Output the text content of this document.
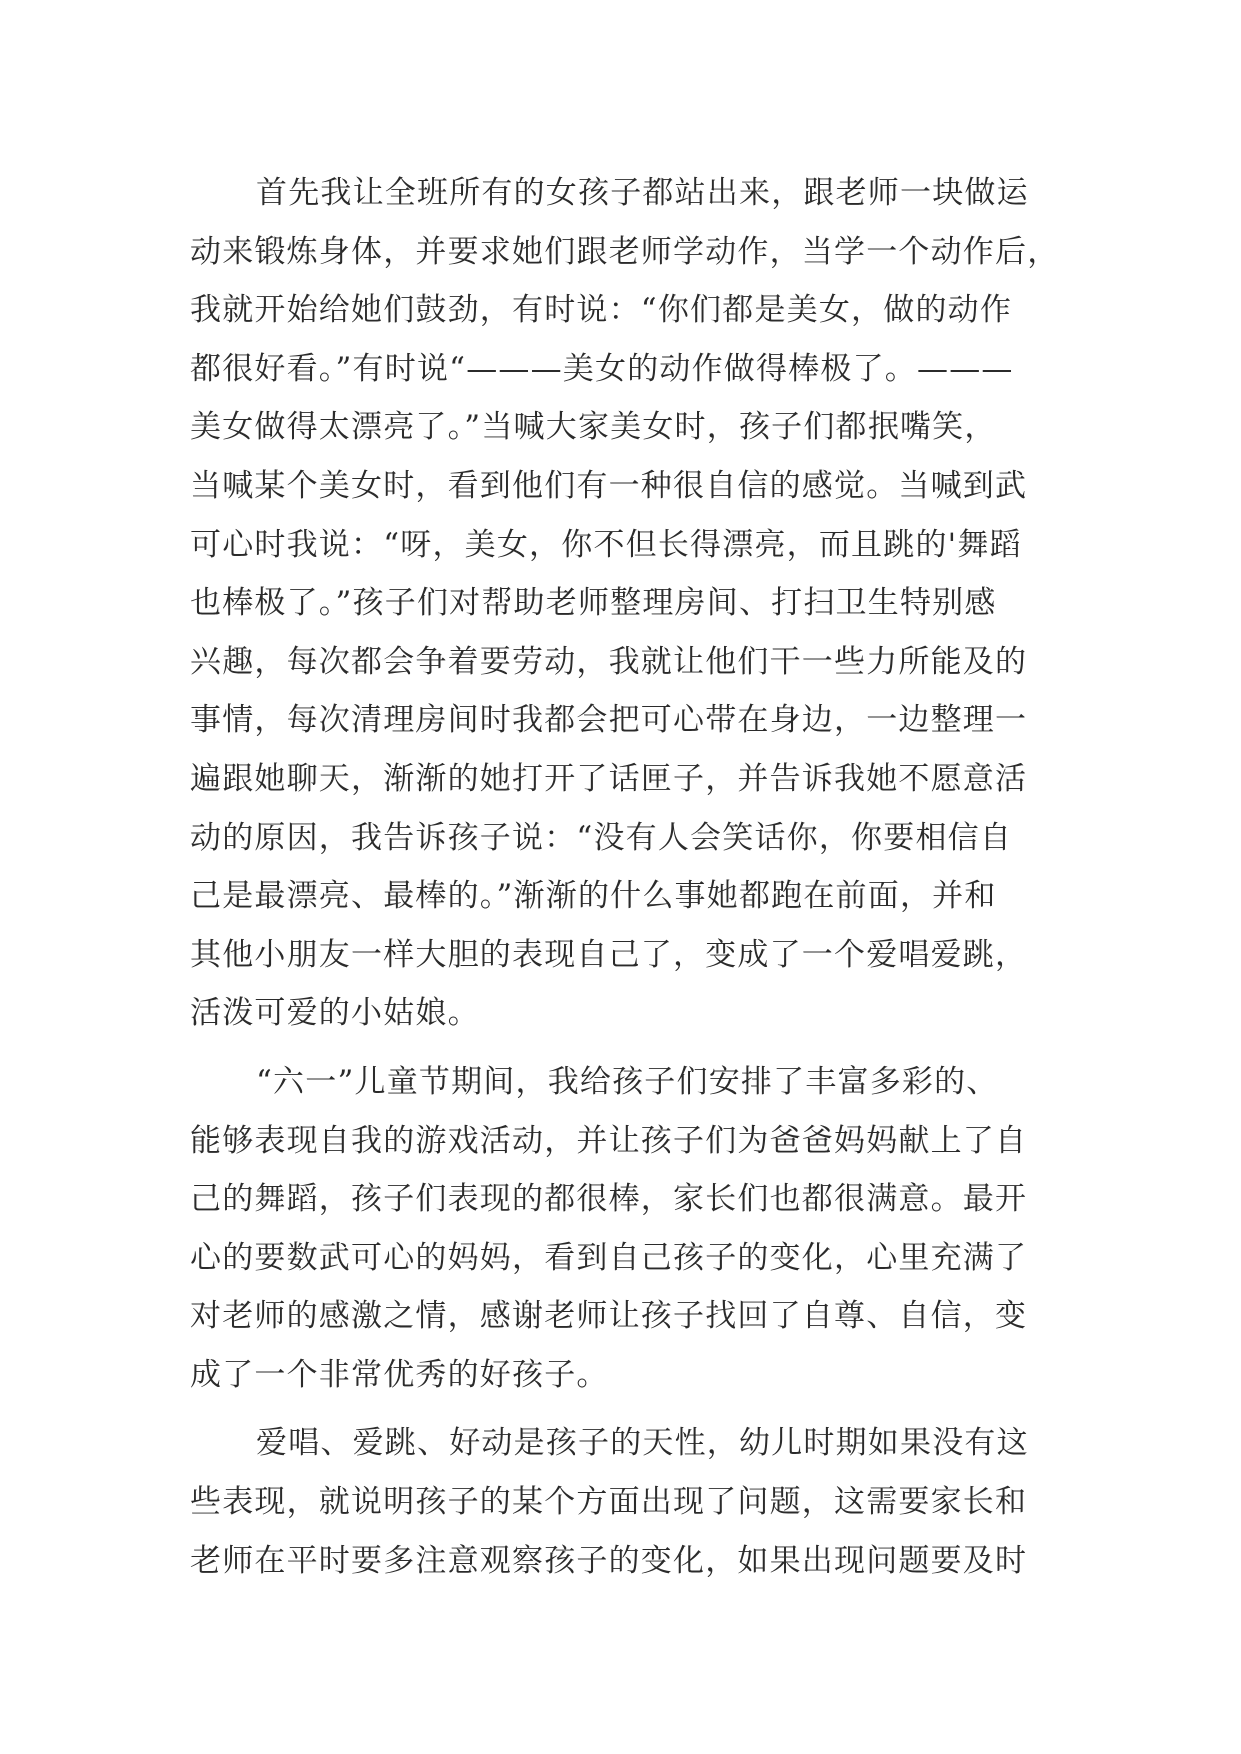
首先我让全班所有的女孩子都站出来，跟老师一块做运
动来锻炼身体，并要求她们跟老师学动作，当学一个动作后，
我就开始给她们鼓劲，有时说：“你们都是美女，做的动作
都很好看。”有时说“———美女的动作做得棒极了。———
美女做得太漂亮了。”当喊大家美女时，孩子们都抿嘴笑，
当喊某个美女时，看到他们有一种很自信的感觉。当喊到武
可心时我说：“呀，美女，你不但长得漂亮，而且跳的'舞蹈
也棒极了。”孩子们对帮助老师整理房间、打扫卫生特别感
兴趣，每次都会争着要劳动，我就让他们干一些力所能及的
事情，每次清理房间时我都会把可心带在身边，一边整理一
遍跟她聊天，渐渐的她打开了话匣子，并告诉我她不愿意活
动的原因，我告诉孩子说：“没有人会笑话你，你要相信自
己是最漂亮、最棒的。”渐渐的什么事她都跑在前面，并和
其他小朋友一样大胆的表现自己了，变成了一个爱唱爱跳，
活泼可爱的小姑娘。
“六一”儿童节期间，我给孩子们安排了丰富多彩的、
能够表现自我的游戏活动，并让孩子们为爸爸妈妈献上了自
己的舞蹈，孩子们表现的都很棒，家长们也都很满意。最开
心的要数武可心的妈妈，看到自己孩子的变化，心里充满了
对老师的感激之情，感谢老师让孩子找回了自尊、自信，变
成了一个非常优秀的好孩子。
爱唱、爱跳、好动是孩子的天性，幼儿时期如果没有这
些表现，就说明孩子的某个方面出现了问题，这需要家长和
老师在平时要多注意观察孩子的变化，如果出现问题要及时
